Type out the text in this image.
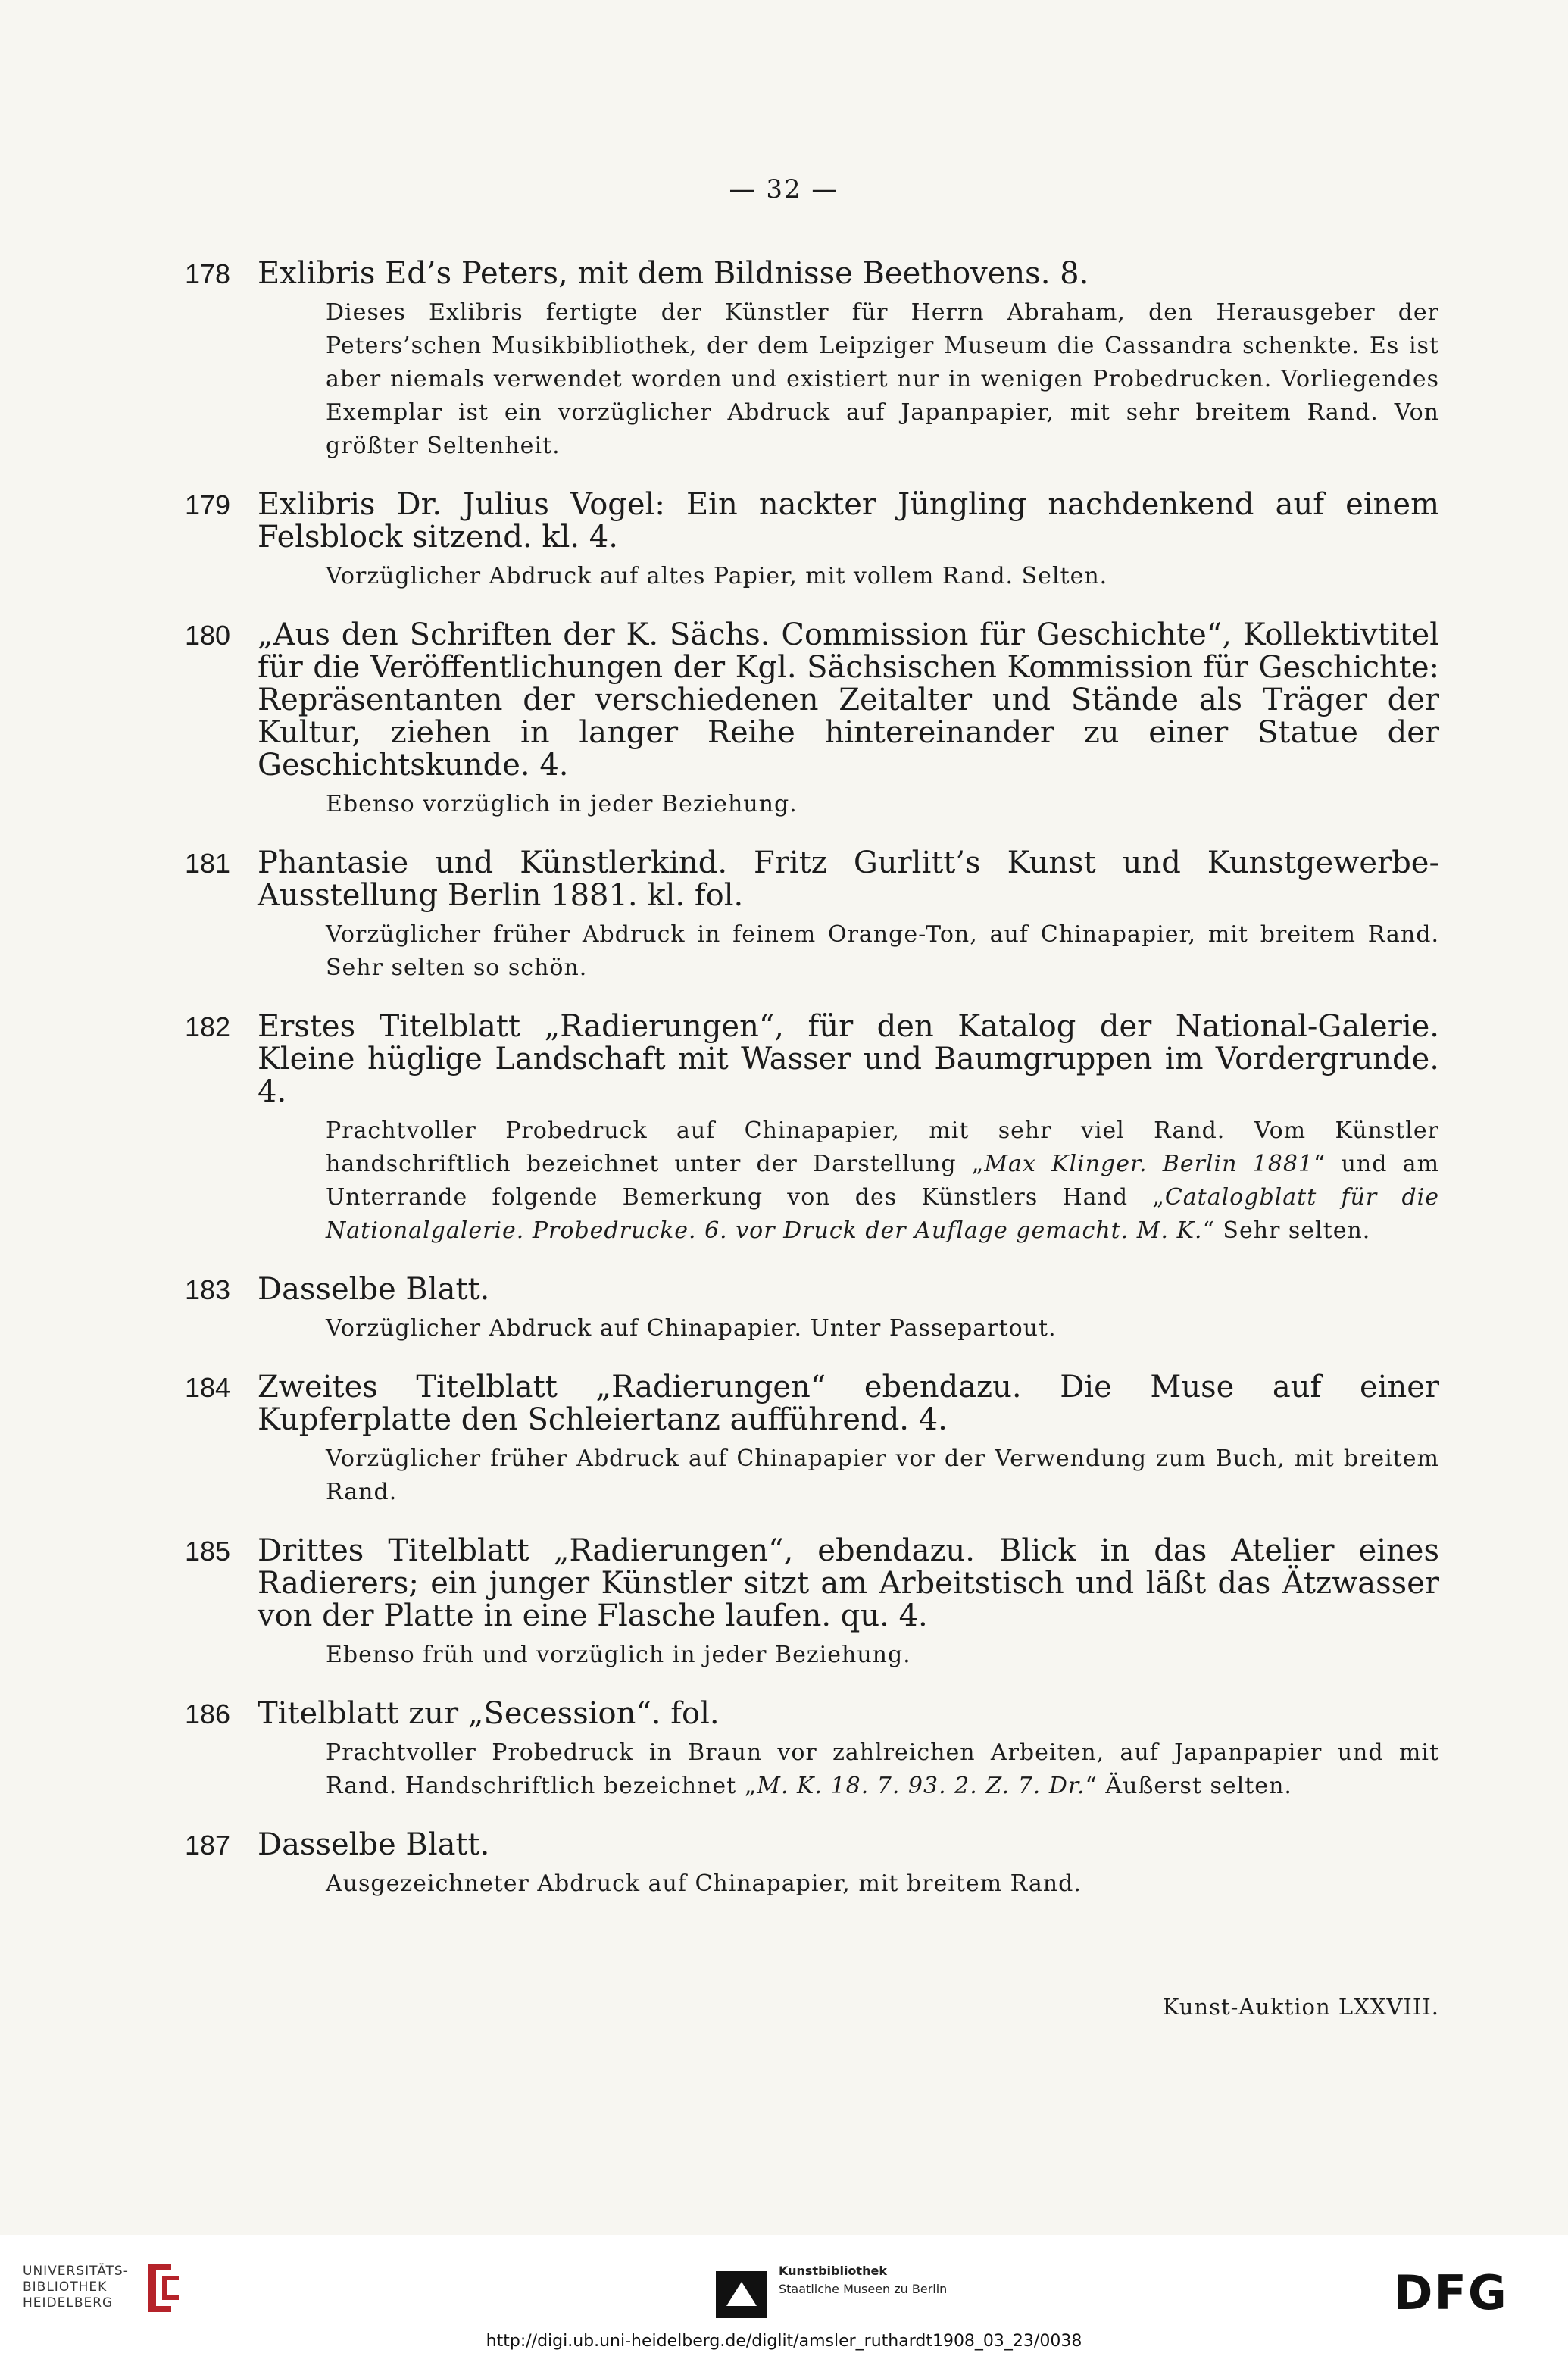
— 32 —
178 Exlibris Ed’s Peters, mit dem Bildnisse Beethovens. 8.
Dieses Exlibris fertigte der Künstler für Herrn Abraham, den Herausgeber der Peters’schen Musikbibliothek, der dem Leipziger Museum die Cassandra schenkte. Es ist aber niemals verwendet worden und existiert nur in wenigen Probedrucken. Vorliegendes Exemplar ist ein vorzüglicher Abdruck auf Japanpapier, mit sehr breitem Rand. Von größter Seltenheit.
179 Exlibris Dr. Julius Vogel: Ein nackter Jüngling nachdenkend auf einem Felsblock sitzend. kl. 4.
Vorzüglicher Abdruck auf altes Papier, mit vollem Rand. Selten.
180 „Aus den Schriften der K. Sächs. Commission für Geschichte“, Kollektivtitel für die Veröffentlichungen der Kgl. Sächsischen Kommission für Geschichte: Repräsentanten der verschiedenen Zeitalter und Stände als Träger der Kultur, ziehen in langer Reihe hintereinander zu einer Statue der Geschichtskunde. 4.
Ebenso vorzüglich in jeder Beziehung.
181 Phantasie und Künstlerkind. Fritz Gurlitt’s Kunst und Kunstgewerbe-Ausstellung Berlin 1881. kl. fol.
Vorzüglicher früher Abdruck in feinem Orange-Ton, auf Chinapapier, mit breitem Rand. Sehr selten so schön.
182 Erstes Titelblatt „Radierungen“, für den Katalog der National-Galerie. Kleine hüglige Landschaft mit Wasser und Baumgruppen im Vordergrunde. 4.
Prachtvoller Probedruck auf Chinapapier, mit sehr viel Rand. Vom Künstler handschriftlich bezeichnet unter der Darstellung „Max Klinger. Berlin 1881“ und am Unterrande folgende Bemerkung von des Künstlers Hand „Catalogblatt für die Nationalgalerie. Probedrucke. 6. vor Druck der Auflage gemacht. M. K.“ Sehr selten.
183 Dasselbe Blatt.
Vorzüglicher Abdruck auf Chinapapier. Unter Passepartout.
184 Zweites Titelblatt „Radierungen“ ebendazu. Die Muse auf einer Kupferplatte den Schleiertanz aufführend. 4.
Vorzüglicher früher Abdruck auf Chinapapier vor der Verwendung zum Buch, mit breitem Rand.
185 Drittes Titelblatt „Radierungen“, ebendazu. Blick in das Atelier eines Radierers; ein junger Künstler sitzt am Arbeitstisch und läßt das Ätzwasser von der Platte in eine Flasche laufen. qu. 4.
Ebenso früh und vorzüglich in jeder Beziehung.
186 Titelblatt zur „Secession“. fol.
Prachtvoller Probedruck in Braun vor zahlreichen Arbeiten, auf Japanpapier und mit Rand. Handschriftlich bezeichnet „M. K. 18. 7. 93. 2. Z. 7. Dr.“ Äußerst selten.
187 Dasselbe Blatt.
Ausgezeichneter Abdruck auf Chinapapier, mit breitem Rand.
Kunst-Auktion LXXVIII.
UNIVERSITÄTS-
BIBLIOTHEK
HEIDELBERG
Kunstbibliothek
Staatliche Museen zu Berlin	DFG
http://digi.ub.uni-heidelberg.de/diglit/amsler_ruthardt1908_03_23/0038
